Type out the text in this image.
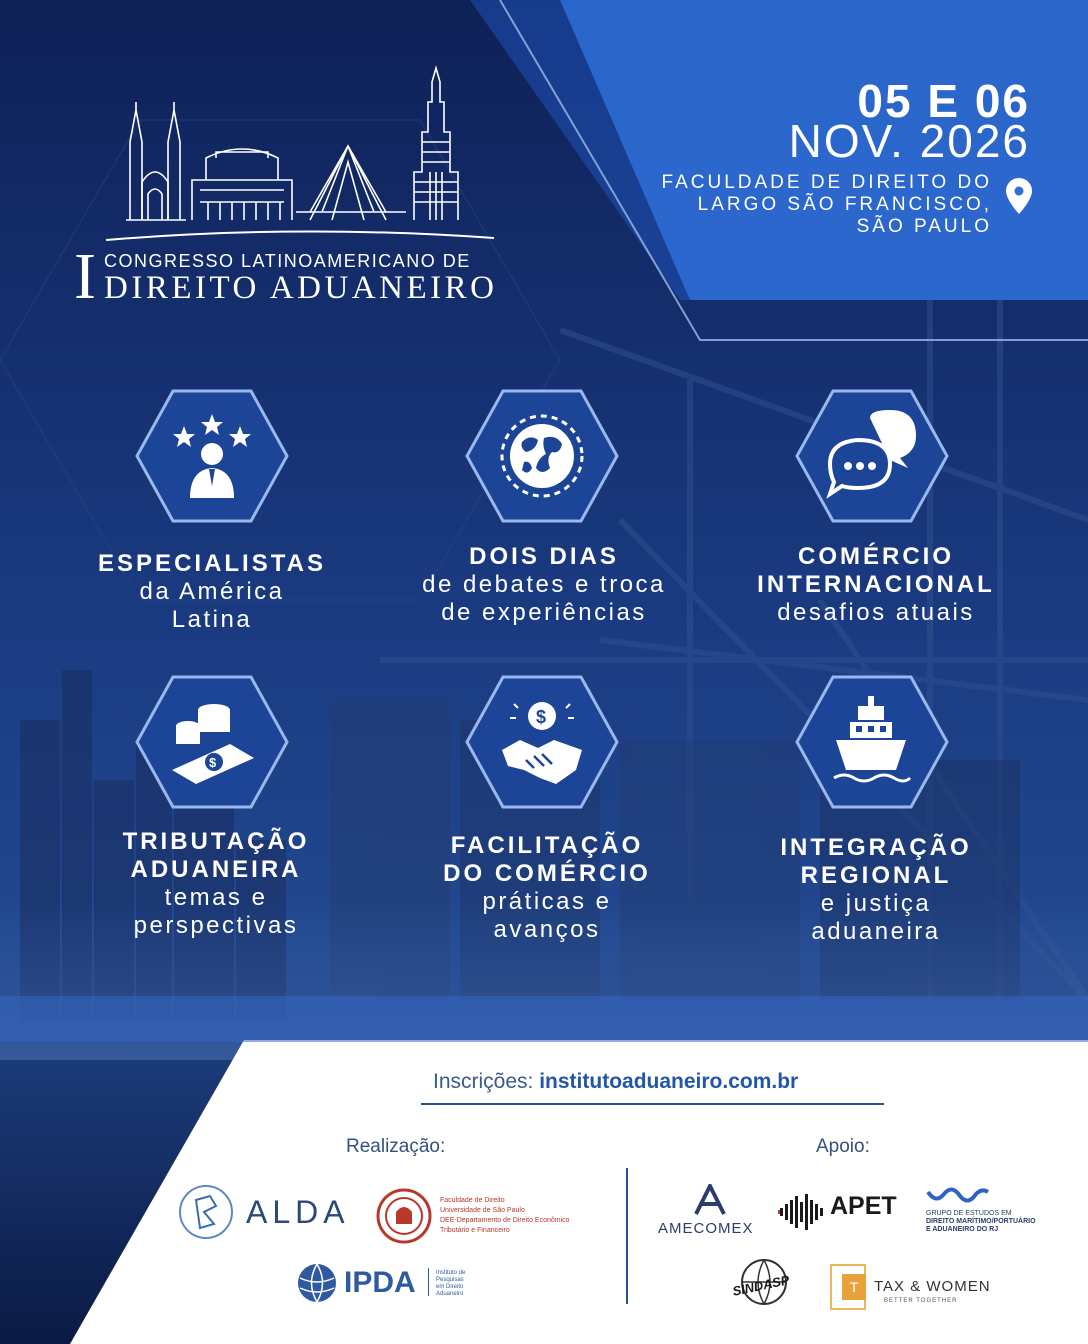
05 E 06
NOV. 2026
FACULDADE DE DIREITO DO
LARGO SÃO FRANCISCO,
SÃO PAULO
I CONGRESSO LATINOAMERICANO DE
DIREITO ADUANEIRO
ESPECIALISTAS
da América
Latina
DOIS DIAS
de debates e troca
de experiências
COMÉRCIO
INTERNACIONAL
desafios atuais
$
TRIBUTAÇÃO
ADUANEIRA
temas e
perspectivas
$
FACILITAÇÃO
DO COMÉRCIO
práticas e
avanços
INTEGRAÇÃO
REGIONAL
e justiça
aduaneira
Inscrições: institutoaduaneiro.com.br
Realização:	Apoio:
ALDA	Faculdade de Direito
Universidade de São Paulo
DEE-Departamento de Direito Econômico
Tributário e Financeiro
IPDA	Instituto de
Pesquisas
em Direito
Aduaneiro
AMECOMEX
APET	GRUPO DE ESTUDOS EM
DIREITO MARÍTIMO/PORTUÁRIO
E ADUANEIRO DO RJ
SINDASP	T	TAX & WOMEN
BETTER TOGETHER
